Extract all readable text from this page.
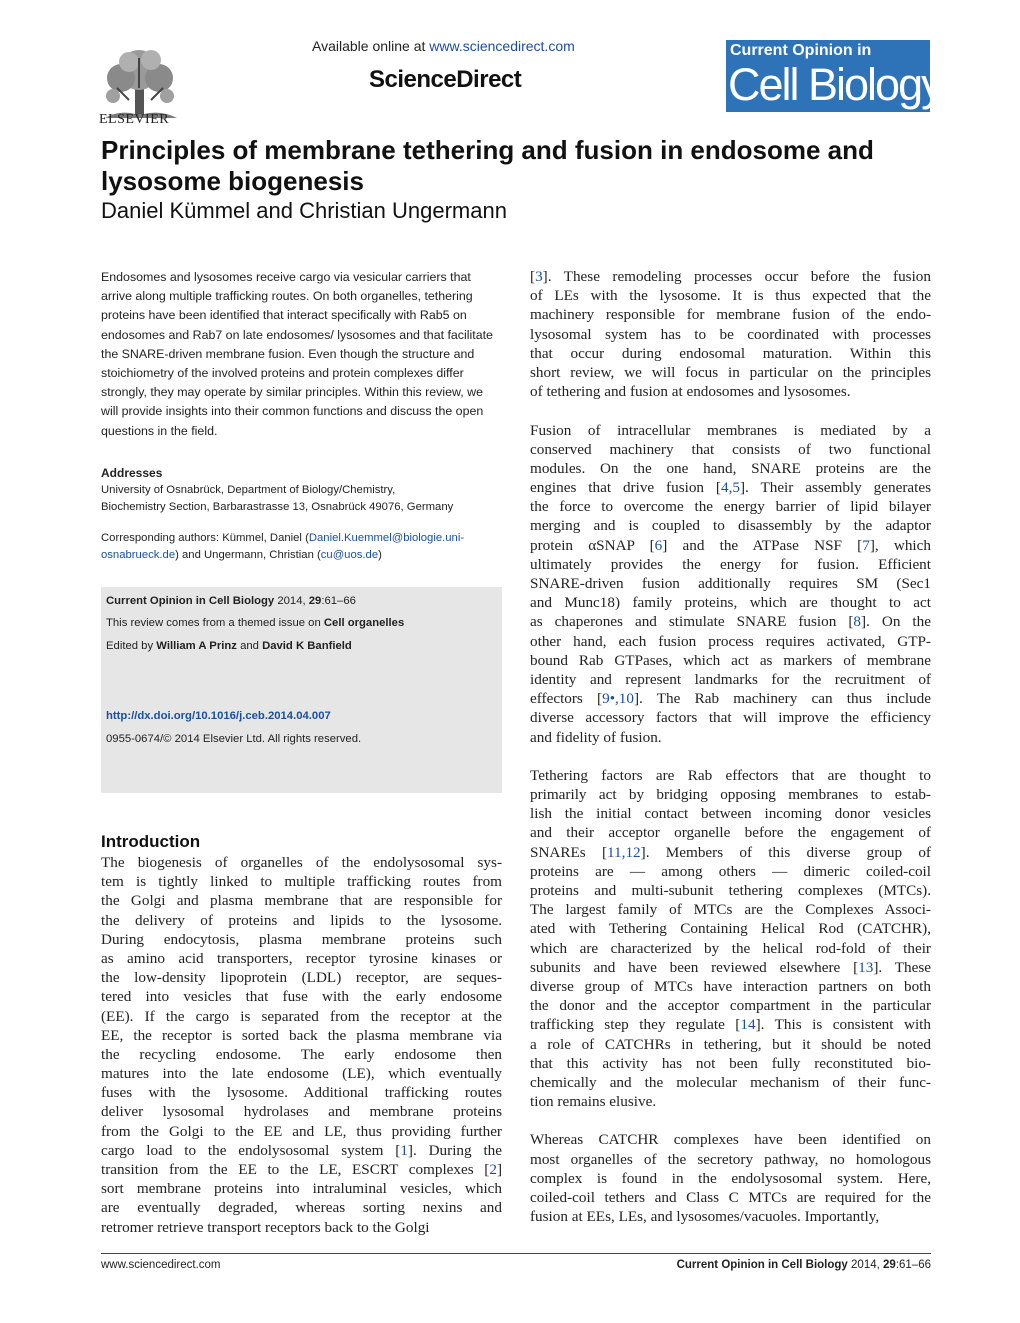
ELSEVIER
Available online at www.sciencedirect.com
ScienceDirect
Current Opinion in
Cell Biology
Principles of membrane tethering and fusion in endosome and lysosome biogenesis
Daniel Kümmel and Christian Ungermann

Endosomes and lysosomes receive cargo via vesicular carriers that arrive along multiple trafficking routes. On both organelles, tethering proteins have been identified that interact specifically with Rab5 on endosomes and Rab7 on late endosomes/ lysosomes and that facilitate the SNARE-driven membrane fusion. Even though the structure and stoichiometry of the involved proteins and protein complexes differ strongly, they may operate by similar principles. Within this review, we will provide insights into their common functions and discuss the open questions in the field.

Addresses

University of Osnabrück, Department of Biology/Chemistry,
Biochemistry Section, Barbarastrasse 13, Osnabrück 49076, Germany

Corresponding authors: Kümmel, Daniel (Daniel.Kuemmel@biologie.uni-
osnabrueck.de) and Ungermann, Christian (cu@uos.de)

Current Opinion in Cell Biology 2014, 29:61–66
This review comes from a themed issue on Cell organelles
Edited by William A Prinz and David K Banfield
http://dx.doi.org/10.1016/j.ceb.2014.04.007
0955-0674/© 2014 Elsevier Ltd. All rights reserved.
Introduction
The biogenesis of organelles of the endolysosomal sys-
tem is tightly linked to multiple trafficking routes from
the Golgi and plasma membrane that are responsible for
the delivery of proteins and lipids to the lysosome.
During endocytosis, plasma membrane proteins such
as amino acid transporters, receptor tyrosine kinases or
the low-density lipoprotein (LDL) receptor, are seques-
tered into vesicles that fuse with the early endosome
(EE). If the cargo is separated from the receptor at the
EE, the receptor is sorted back the plasma membrane via
the recycling endosome. The early endosome then
matures into the late endosome (LE), which eventually
fuses with the lysosome. Additional trafficking routes
deliver lysosomal hydrolases and membrane proteins
from the Golgi to the EE and LE, thus providing further
cargo load to the endolysosomal system [1]. During the
transition from the EE to the LE, ESCRT complexes [2]
sort membrane proteins into intraluminal vesicles, which
are eventually degraded, whereas sorting nexins and
retromer retrieve transport receptors back to the Golgi
[3]. These remodeling processes occur before the fusion
of LEs with the lysosome. It is thus expected that the
machinery responsible for membrane fusion of the endo-
lysosomal system has to be coordinated with processes
that occur during endosomal maturation. Within this
short review, we will focus in particular on the principles
of tethering and fusion at endosomes and lysosomes.
Fusion of intracellular membranes is mediated by a
conserved machinery that consists of two functional
modules. On the one hand, SNARE proteins are the
engines that drive fusion [4,5]. Their assembly generates
the force to overcome the energy barrier of lipid bilayer
merging and is coupled to disassembly by the adaptor
protein αSNAP [6] and the ATPase NSF [7], which
ultimately provides the energy for fusion. Efficient
SNARE-driven fusion additionally requires SM (Sec1
and Munc18) family proteins, which are thought to act
as chaperones and stimulate SNARE fusion [8]. On the
other hand, each fusion process requires activated, GTP-
bound Rab GTPases, which act as markers of membrane
identity and represent landmarks for the recruitment of
effectors [9•,10]. The Rab machinery can thus include
diverse accessory factors that will improve the efficiency
and fidelity of fusion.
Tethering factors are Rab effectors that are thought to
primarily act by bridging opposing membranes to estab-
lish the initial contact between incoming donor vesicles
and their acceptor organelle before the engagement of
SNAREs [11,12]. Members of this diverse group of
proteins are — among others — dimeric coiled-coil
proteins and multi-subunit tethering complexes (MTCs).
The largest family of MTCs are the Complexes Associ-
ated with Tethering Containing Helical Rod (CATCHR),
which are characterized by the helical rod-fold of their
subunits and have been reviewed elsewhere [13]. These
diverse group of MTCs have interaction partners on both
the donor and the acceptor compartment in the particular
trafficking step they regulate [14]. This is consistent with
a role of CATCHRs in tethering, but it should be noted
that this activity has not been fully reconstituted bio-
chemically and the molecular mechanism of their func-
tion remains elusive.
Whereas CATCHR complexes have been identified on
most organelles of the secretory pathway, no homologous
complex is found in the endolysosomal system. Here,
coiled-coil tethers and Class C MTCs are required for the
fusion at EEs, LEs, and lysosomes/vacuoles. Importantly,
www.sciencedirect.com	Current Opinion in Cell Biology 2014, 29:61–66
